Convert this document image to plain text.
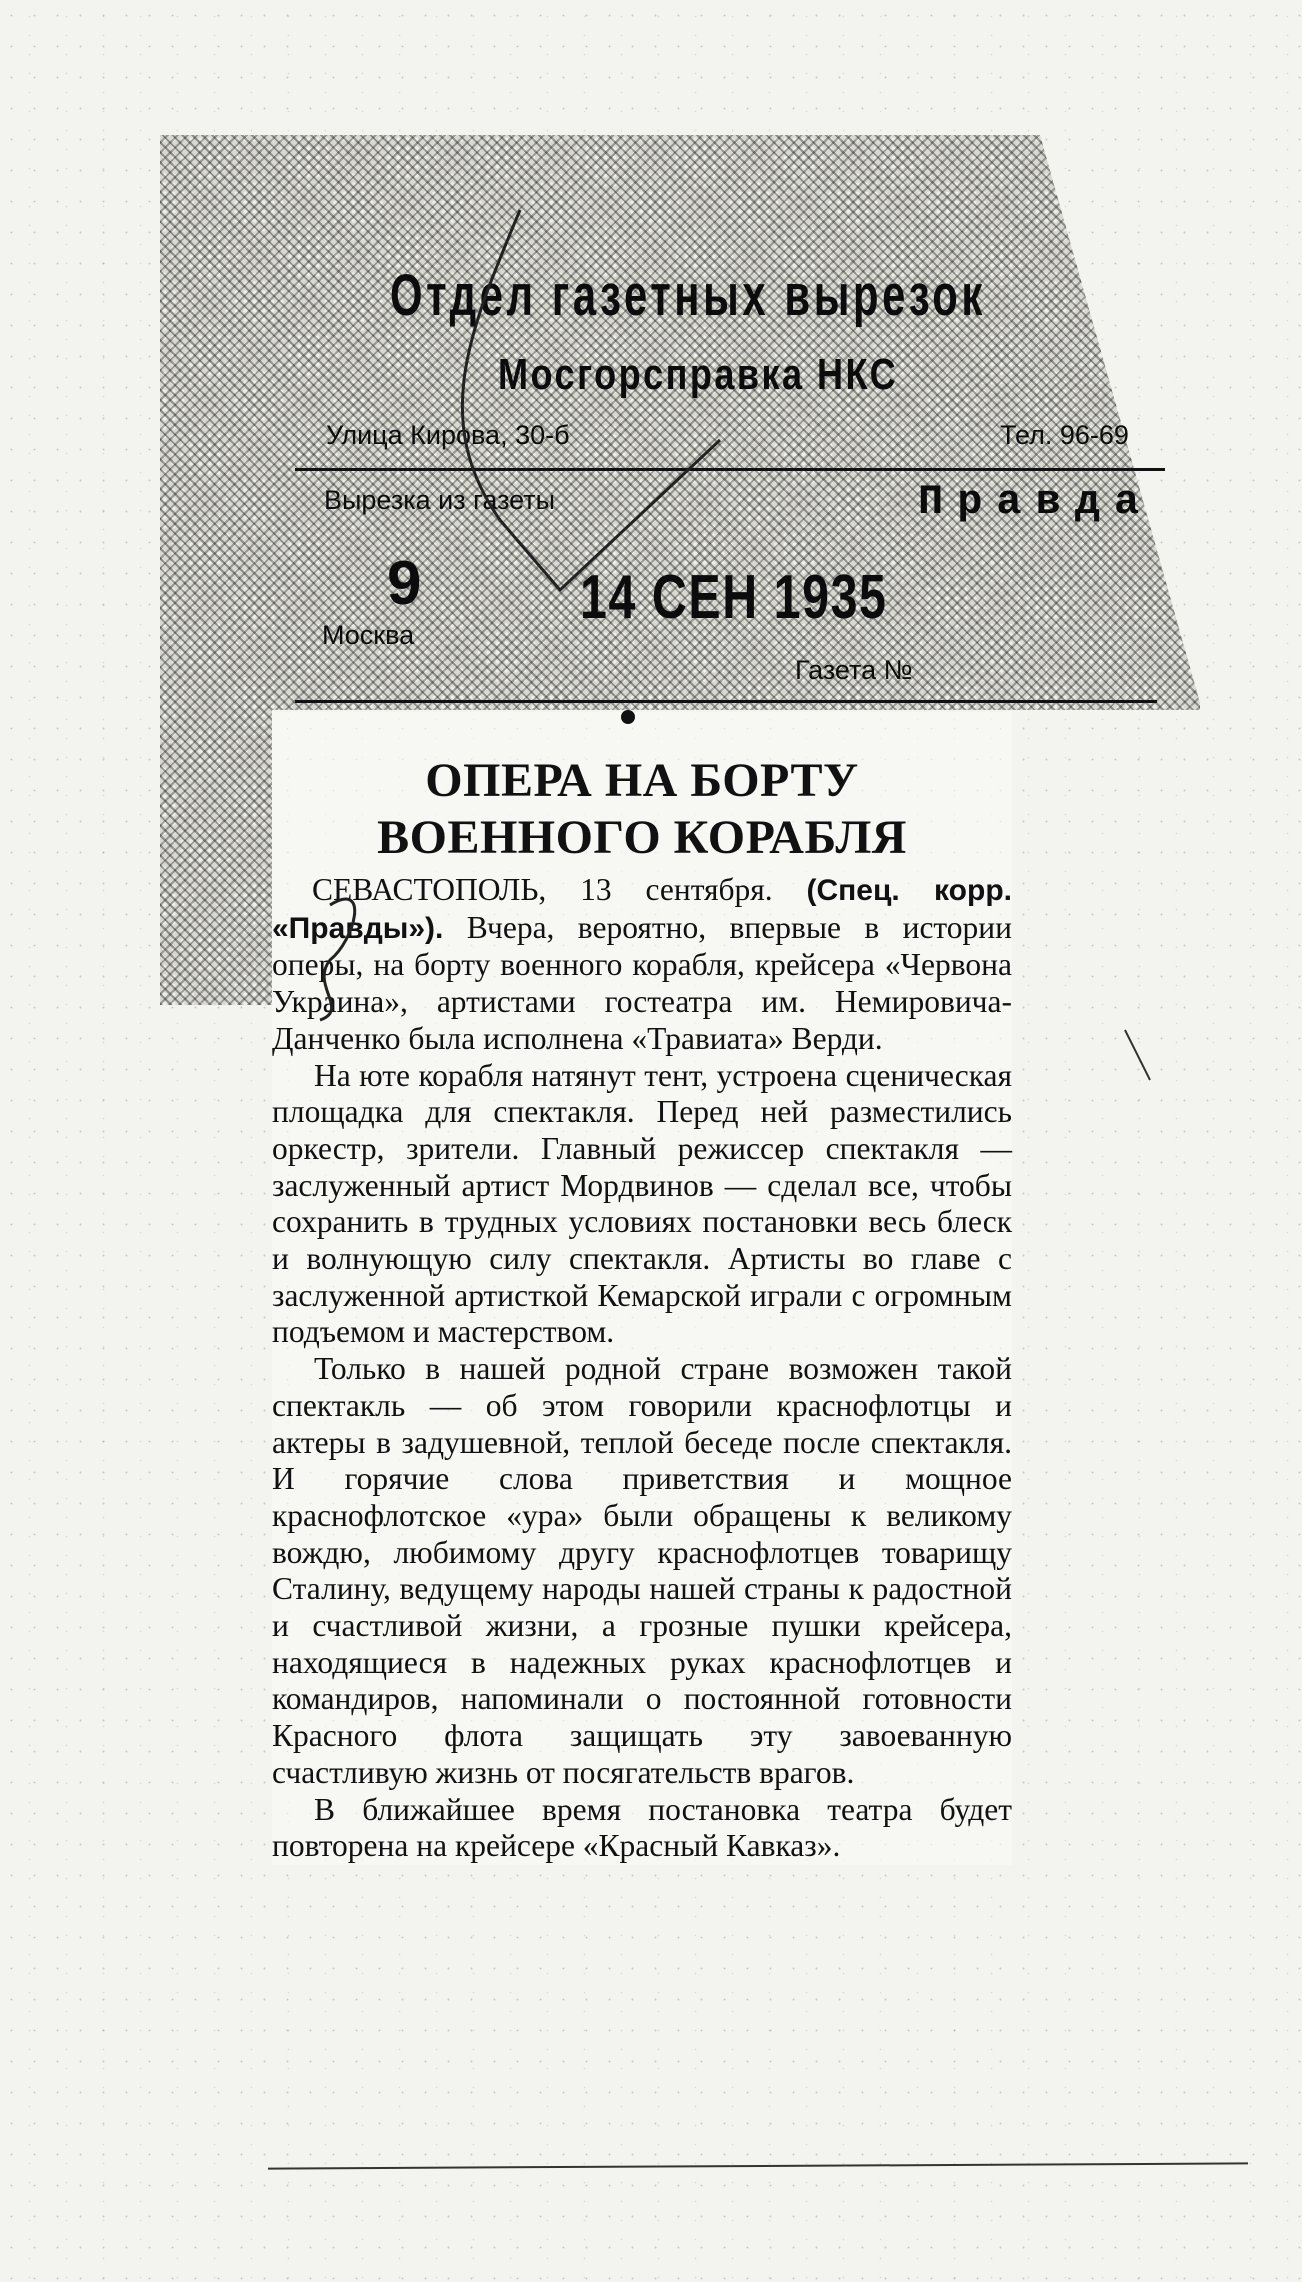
Отдел газетных вырезок
Мосгорсправка НКС
Улица Кирова, 30-б	Тел. 96-69
Вырезка из газеты	Правда
9	14 СЕН 1935
Москва
Газета №
ОПЕРА НА БОРТУ
ВОЕННОГО КОРАБЛЯ

СЕВАСТОПОЛЬ, 13 сентября. (Спец. корр. «Правды»). Вчера, вероятно, впервые в истории оперы, на борту военного корабля, крейсера «Червона Украина», артистами гостеатра им. Немировича-Данченко была исполнена «Травиата» Верди.

На юте корабля натянут тент, устроена сценическая площадка для спектакля. Перед ней разместились оркестр, зрители. Главный режиссер спектакля — заслуженный артист Мордвинов — сделал все, чтобы сохранить в трудных условиях постановки весь блеск и волнующую силу спектакля. Артисты во главе с заслуженной артисткой Кемарской играли с огромным подъемом и мастерством.

Только в нашей родной стране возможен такой спектакль — об этом говорили краснофлотцы и актеры в задушевной, теплой беседе после спектакля. И горячие слова приветствия и мощное краснофлотское «ура» были обращены к великому вождю, любимому другу краснофлотцев товарищу Сталину, ведущему народы нашей страны к радостной и счастливой жизни, а грозные пушки крейсера, находящиеся в надежных руках краснофлотцев и командиров, напоминали о постоянной готовности Красного флота защищать эту завоеванную счастливую жизнь от посягательств врагов.

В ближайшее время постановка театра будет повторена на крейсере «Красный Кавказ».
